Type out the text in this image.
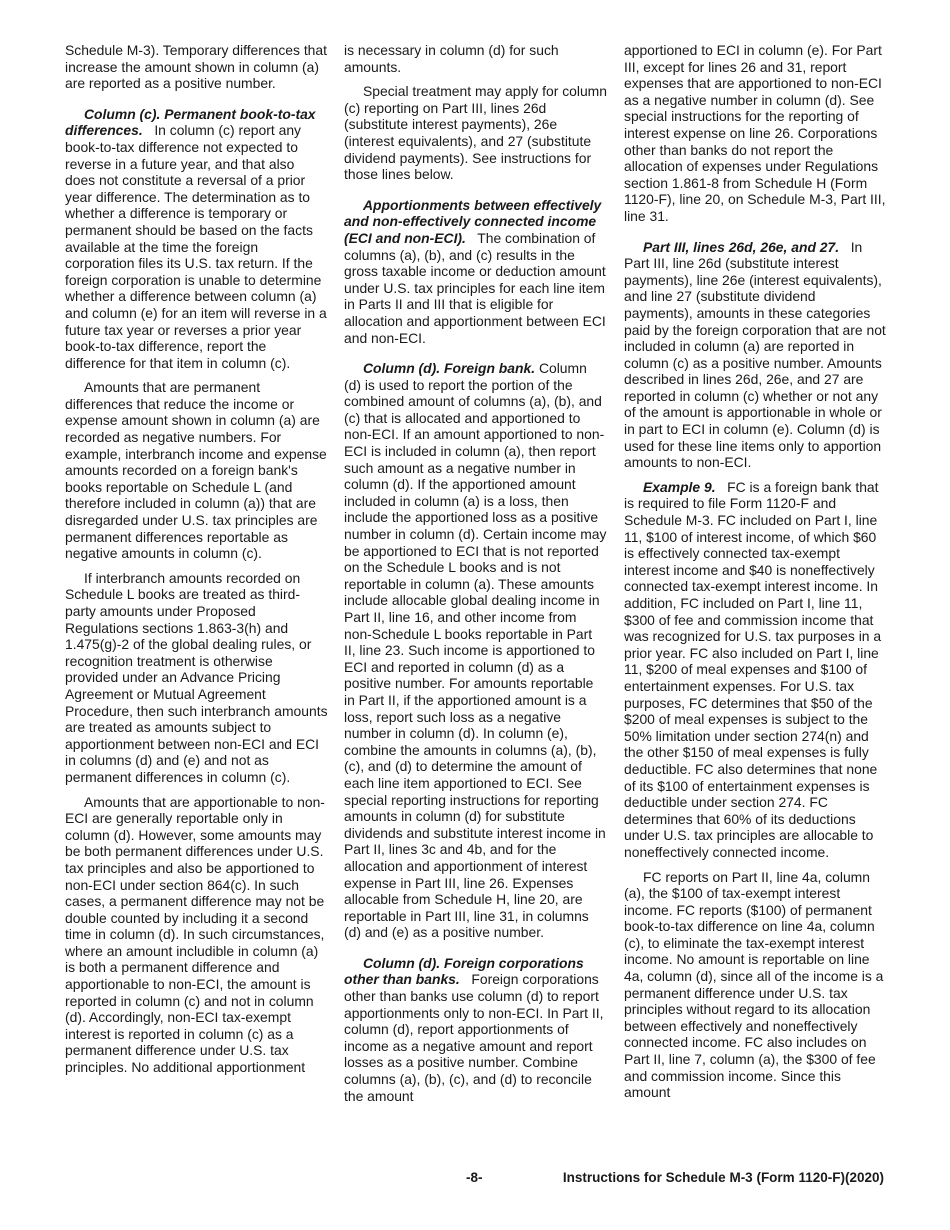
Schedule M-3). Temporary differences that increase the amount shown in column (a) are reported as a positive number.

Column (c). Permanent book-to-tax differences. In column (c) report any book-to-tax difference not expected to reverse in a future year, and that also does not constitute a reversal of a prior year difference. The determination as to whether a difference is temporary or permanent should be based on the facts available at the time the foreign corporation files its U.S. tax return. If the foreign corporation is unable to determine whether a difference between column (a) and column (e) for an item will reverse in a future tax year or reverses a prior year book-to-tax difference, report the difference for that item in column (c).

Amounts that are permanent differences that reduce the income or expense amount shown in column (a) are recorded as negative numbers. For example, interbranch income and expense amounts recorded on a foreign bank's books reportable on Schedule L (and therefore included in column (a)) that are disregarded under U.S. tax principles are permanent differences reportable as negative amounts in column (c).

If interbranch amounts recorded on Schedule L books are treated as third-party amounts under Proposed Regulations sections 1.863-3(h) and 1.475(g)-2 of the global dealing rules, or recognition treatment is otherwise provided under an Advance Pricing Agreement or Mutual Agreement Procedure, then such interbranch amounts are treated as amounts subject to apportionment between non-ECI and ECI in columns (d) and (e) and not as permanent differences in column (c).

Amounts that are apportionable to non-ECI are generally reportable only in column (d). However, some amounts may be both permanent differences under U.S. tax principles and also be apportioned to non-ECI under section 864(c). In such cases, a permanent difference may not be double counted by including it a second time in column (d). In such circumstances, where an amount includible in column (a) is both a permanent difference and apportionable to non-ECI, the amount is reported in column (c) and not in column (d). Accordingly, non-ECI tax-exempt interest is reported in column (c) as a permanent difference under U.S. tax principles. No additional apportionment

is necessary in column (d) for such amounts.

Special treatment may apply for column (c) reporting on Part III, lines 26d (substitute interest payments), 26e (interest equivalents), and 27 (substitute dividend payments). See instructions for those lines below.

Apportionments between effectively and non-effectively connected income (ECI and non-ECI). The combination of columns (a), (b), and (c) results in the gross taxable income or deduction amount under U.S. tax principles for each line item in Parts II and III that is eligible for allocation and apportionment between ECI and non-ECI.

Column (d). Foreign bank. Column (d) is used to report the portion of the combined amount of columns (a), (b), and (c) that is allocated and apportioned to non-ECI. If an amount apportioned to non-ECI is included in column (a), then report such amount as a negative number in column (d). If the apportioned amount included in column (a) is a loss, then include the apportioned loss as a positive number in column (d). Certain income may be apportioned to ECI that is not reported on the Schedule L books and is not reportable in column (a). These amounts include allocable global dealing income in Part II, line 16, and other income from non-Schedule L books reportable in Part II, line 23. Such income is apportioned to ECI and reported in column (d) as a positive number. For amounts reportable in Part II, if the apportioned amount is a loss, report such loss as a negative number in column (d). In column (e), combine the amounts in columns (a), (b), (c), and (d) to determine the amount of each line item apportioned to ECI. See special reporting instructions for reporting amounts in column (d) for substitute dividends and substitute interest income in Part II, lines 3c and 4b, and for the allocation and apportionment of interest expense in Part III, line 26. Expenses allocable from Schedule H, line 20, are reportable in Part III, line 31, in columns (d) and (e) as a positive number.

Column (d). Foreign corporations other than banks. Foreign corporations other than banks use column (d) to report apportionments only to non-ECI. In Part II, column (d), report apportionments of income as a negative amount and report losses as a positive number. Combine columns (a), (b), (c), and (d) to reconcile the amount

apportioned to ECI in column (e). For Part III, except for lines 26 and 31, report expenses that are apportioned to non-ECI as a negative number in column (d). See special instructions for the reporting of interest expense on line 26. Corporations other than banks do not report the allocation of expenses under Regulations section 1.861-8 from Schedule H (Form 1120-F), line 20, on Schedule M-3, Part III, line 31.

Part III, lines 26d, 26e, and 27. In Part III, line 26d (substitute interest payments), line 26e (interest equivalents), and line 27 (substitute dividend payments), amounts in these categories paid by the foreign corporation that are not included in column (a) are reported in column (c) as a positive number. Amounts described in lines 26d, 26e, and 27 are reported in column (c) whether or not any of the amount is apportionable in whole or in part to ECI in column (e). Column (d) is used for these line items only to apportion amounts to non-ECI.

Example 9. FC is a foreign bank that is required to file Form 1120-F and Schedule M-3. FC included on Part I, line 11, $100 of interest income, of which $60 is effectively connected tax-exempt interest income and $40 is noneffectively connected tax-exempt interest income. In addition, FC included on Part I, line 11, $300 of fee and commission income that was recognized for U.S. tax purposes in a prior year. FC also included on Part I, line 11, $200 of meal expenses and $100 of entertainment expenses. For U.S. tax purposes, FC determines that $50 of the $200 of meal expenses is subject to the 50% limitation under section 274(n) and the other $150 of meal expenses is fully deductible. FC also determines that none of its $100 of entertainment expenses is deductible under section 274. FC determines that 60% of its deductions under U.S. tax principles are allocable to noneffectively connected income.

FC reports on Part II, line 4a, column (a), the $100 of tax-exempt interest income. FC reports ($100) of permanent book-to-tax difference on line 4a, column (c), to eliminate the tax-exempt interest income. No amount is reportable on line 4a, column (d), since all of the income is a permanent difference under U.S. tax principles without regard to its allocation between effectively and noneffectively connected income. FC also includes on Part II, line 7, column (a), the $300 of fee and commission income. Since this amount

-8-	Instructions for Schedule M-3 (Form 1120-F)(2020)
